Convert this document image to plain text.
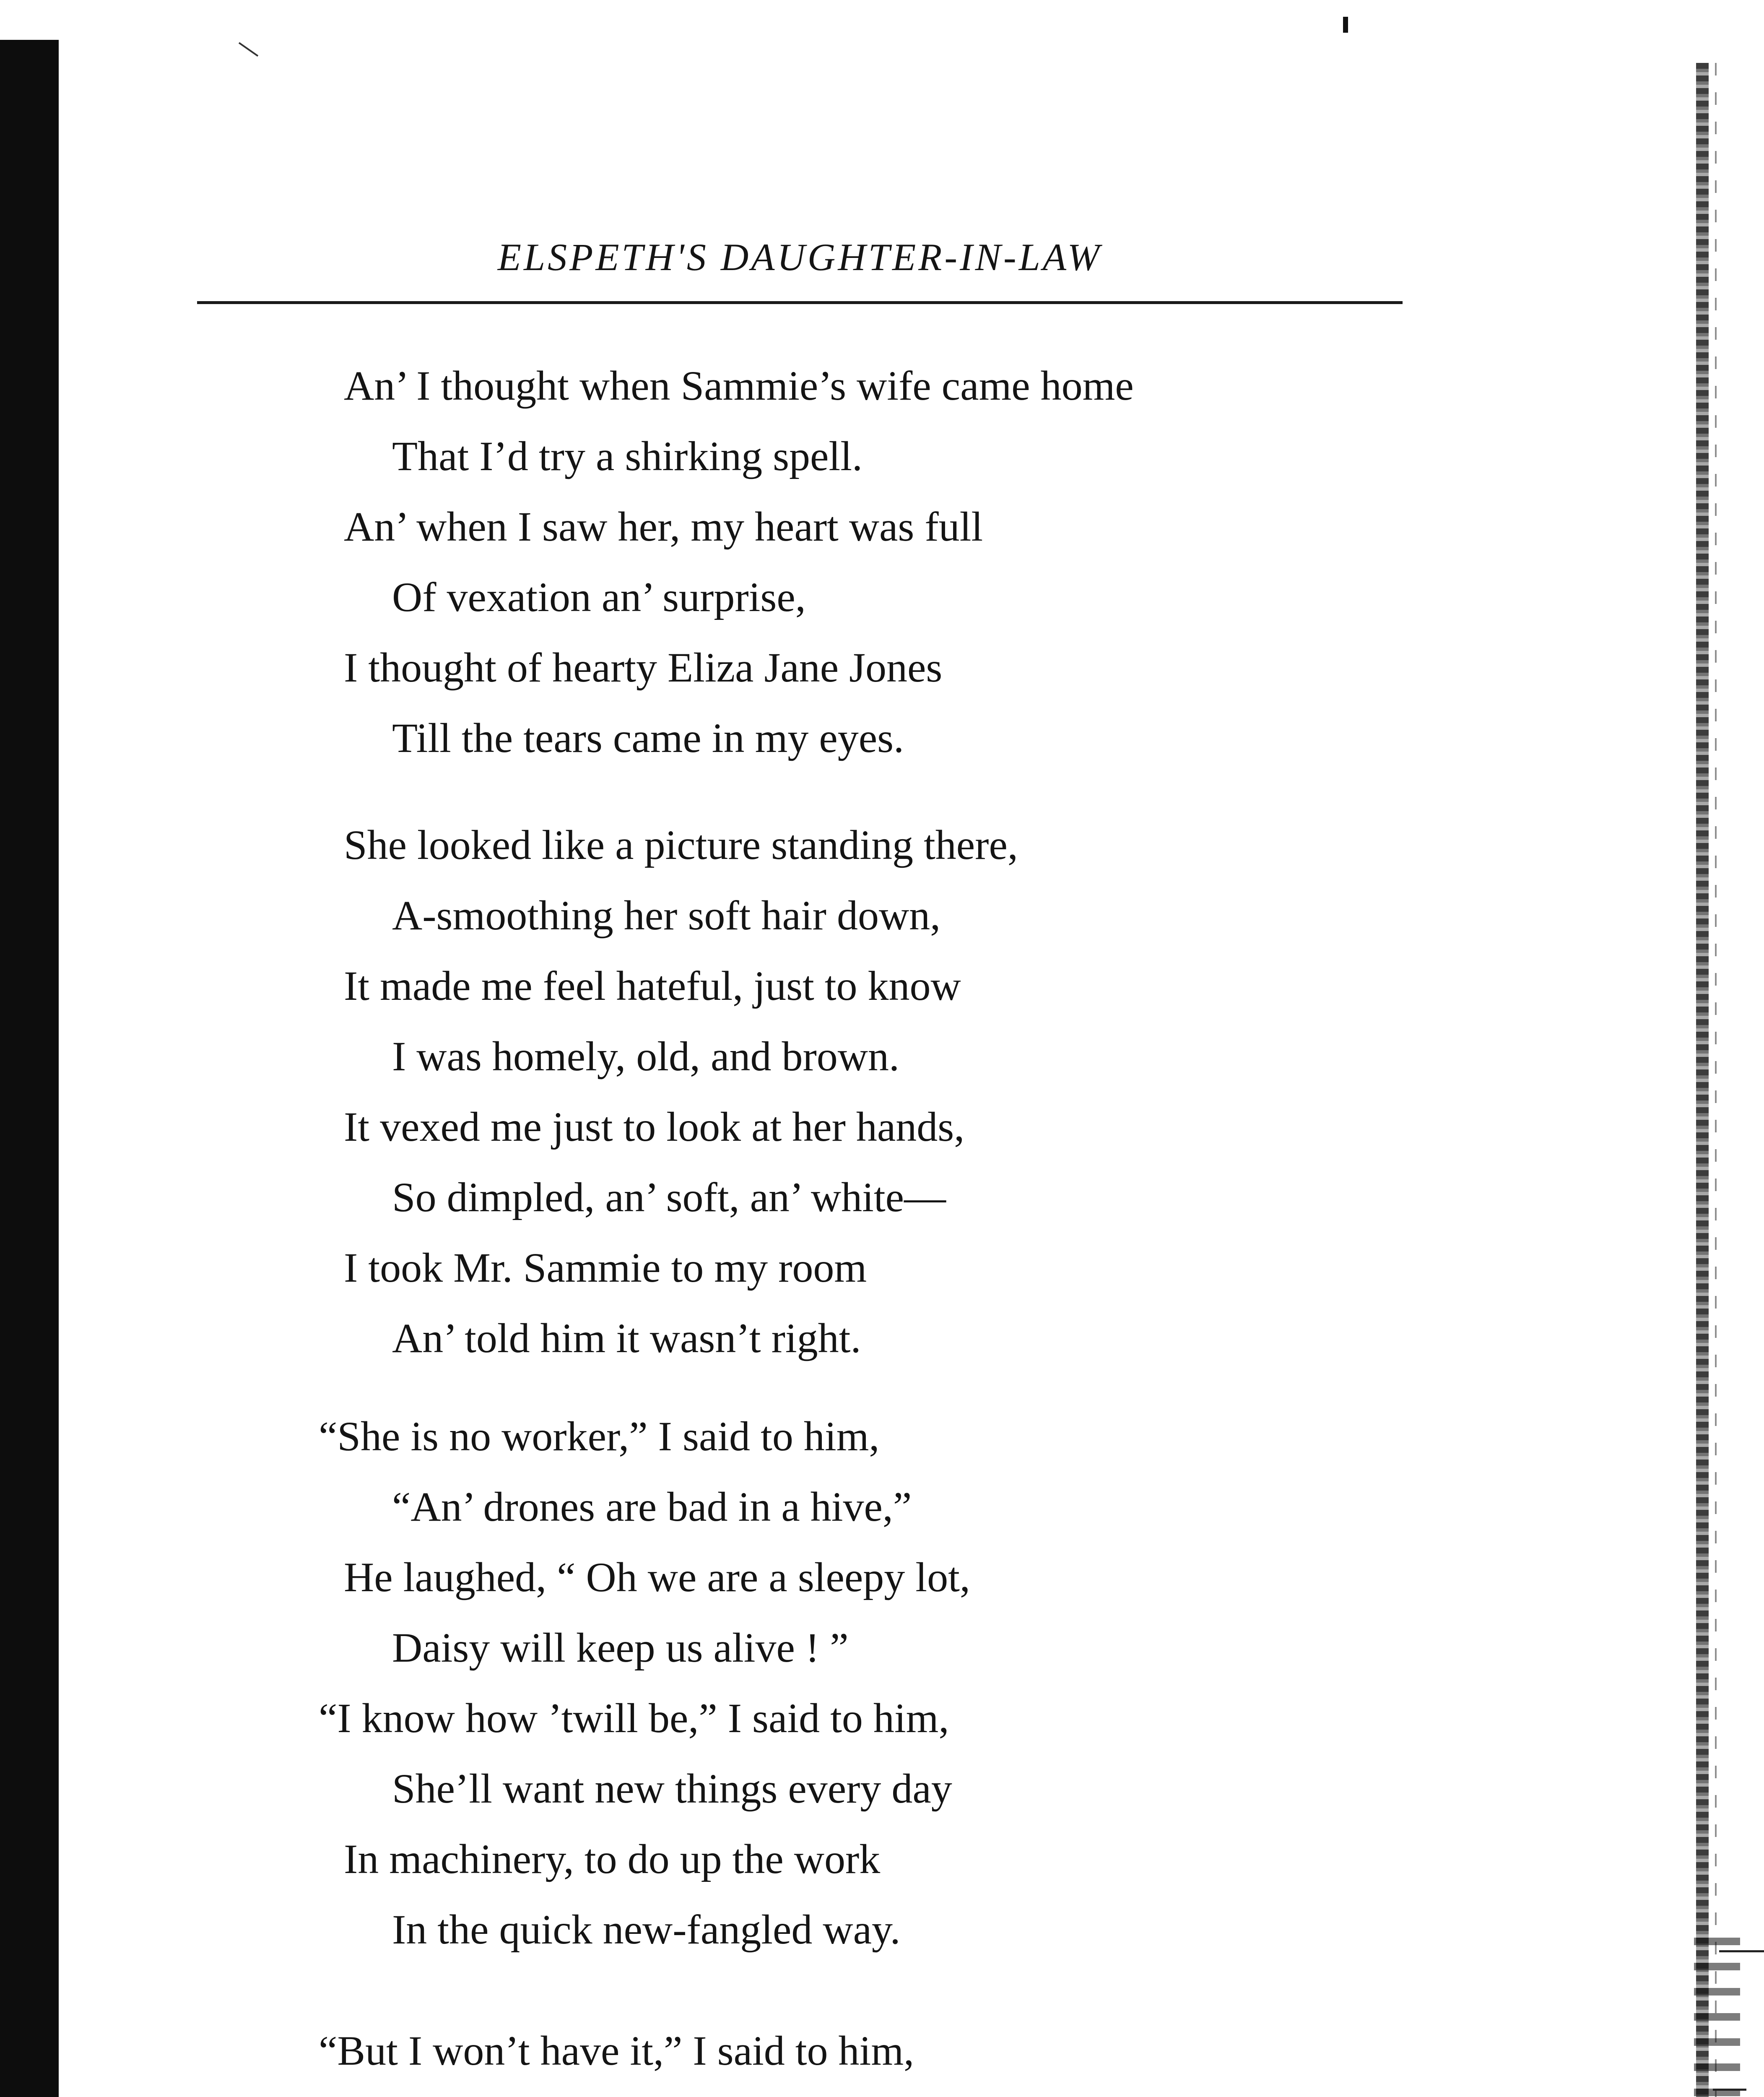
ELSPETH'S DAUGHTER-IN-LAW
An’ I thought when Sammie’s wife came home
That I’d try a shirking spell.
An’ when I saw her, my heart was full
Of vexation an’ surprise,
I thought of hearty Eliza Jane Jones
Till the tears came in my eyes.
She looked like a picture standing there,
A-smoothing her soft hair down,
It made me feel hateful, just to know
I was homely, old, and brown.
It vexed me just to look at her hands,
So dimpled, an’ soft, an’ white—
I took Mr. Sammie to my room
An’ told him it wasn’t right.
“She is no worker,” I said to him,
“An’ drones are bad in a hive,”
He laughed, “ Oh we are a sleepy lot,
Daisy will keep us alive ! ”
“I know how ’twill be,” I said to him,
She’ll want new things every day
In machinery, to do up the work
In the quick new-fangled way.
“But I won’t have it,” I said to him,
